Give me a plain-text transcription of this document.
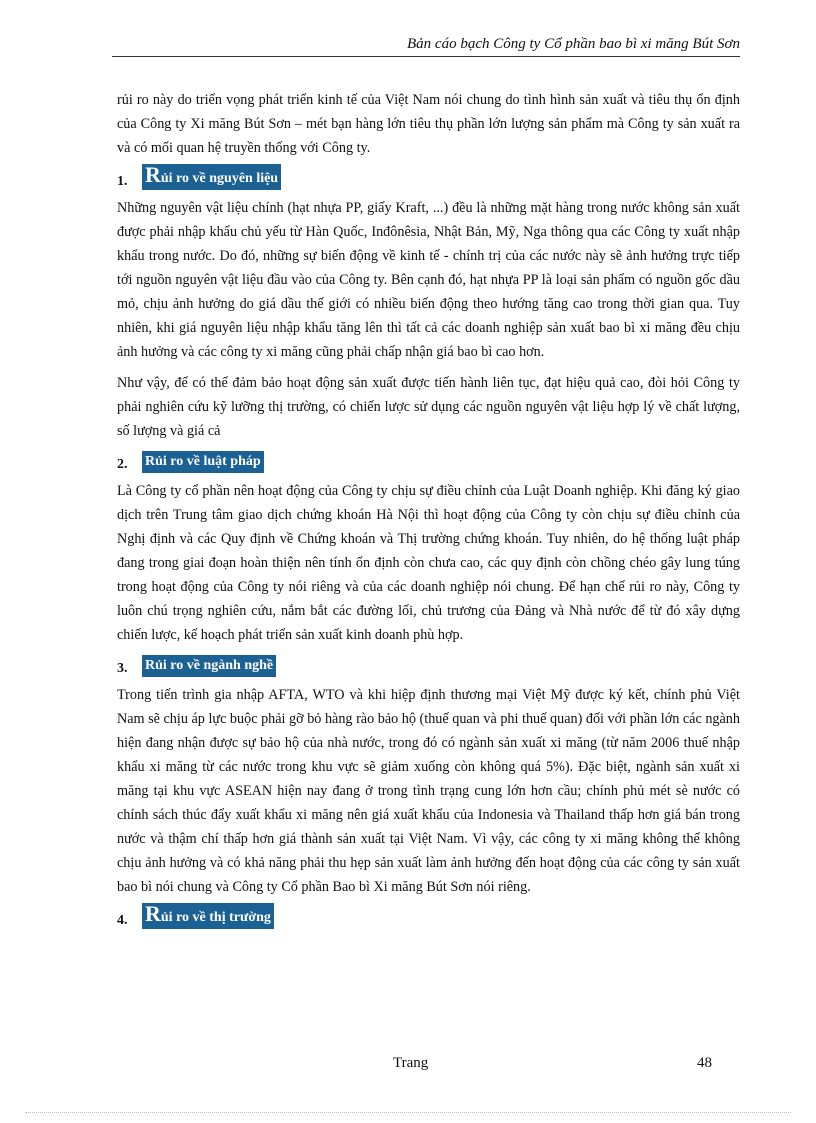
Bản cáo bạch Công ty Cổ phần bao bì xi măng Bút Sơn

rủi ro này do triển vọng phát triển kinh tế của Việt Nam nói chung do tình hình sản xuất và tiêu thụ ổn định của Công ty Xi măng Bút Sơn – mét bạn hàng lớn tiêu thụ phần lớn lượng sản phẩm mà Công ty sản xuất ra và có mối quan hệ truyền thống với Công ty.

1.	Rủi ro về nguyên liệu

Những nguyên vật liệu chính (hạt nhựa PP, giấy Kraft, ...) đều là những mặt hàng trong nước không sản xuất được phải nhập khẩu chủ yếu từ Hàn Quốc, Inđônêsia, Nhật Bản, Mỹ, Nga thông qua các Công ty xuất nhập khẩu trong nước. Do đó, những sự biến động về kinh tế - chính trị của các nước này sẽ ảnh hưởng trực tiếp tới nguồn nguyên vật liệu đầu vào của Công ty. Bên cạnh đó, hạt nhựa PP là loại sản phẩm có nguồn gốc dầu mỏ, chịu ảnh hưởng do giá dầu thế giới có nhiều biến động theo hướng tăng cao trong thời gian qua. Tuy nhiên, khi giá nguyên liệu nhập khẩu tăng lên thì tất cả các doanh nghiệp sản xuất bao bì xi măng đều chịu ảnh hưởng và các công ty xi măng cũng phải chấp nhận giá bao bì cao hơn.

Như vậy, để có thể đảm bảo hoạt động sản xuất được tiến hành liên tục, đạt hiệu quả cao, đòi hỏi Công ty phải nghiên cứu kỹ lưỡng thị trường, có chiến lược sử dụng các nguồn nguyên vật liệu hợp lý về chất lượng, số lượng và giá cả

2.	Rủi ro về luật pháp

Là Công ty cổ phần nên hoạt động của Công ty chịu sự điều chỉnh của Luật Doanh nghiệp. Khi đăng ký giao dịch trên Trung tâm giao dịch chứng khoán Hà Nội thì hoạt động của Công ty còn chịu sự điều chỉnh của Nghị định và các Quy định về Chứng khoán và Thị trường chứng khoán. Tuy nhiên, do hệ thống luật pháp đang trong giai đoạn hoàn thiện nên tính ổn định còn chưa cao, các quy định còn chồng chéo gây lung túng trong hoạt động của Công ty nói riêng và của các doanh nghiệp nói chung. Để hạn chế rủi ro này, Công ty luôn chú trọng nghiên cứu, nắm bắt các đường lối, chủ trương của Đảng và Nhà nước để từ đó xây dựng chiến lược, kế hoạch phát triển sản xuất kinh doanh phù hợp.

3.	Rủi ro về ngành nghề

Trong tiến trình gia nhập AFTA, WTO và khi hiệp định thương mại Việt Mỹ được ký kết, chính phủ Việt Nam sẽ chịu áp lực buộc phải gỡ bỏ hàng rào bảo hộ (thuế quan và phi thuế quan) đối với phần lớn các ngành hiện đang nhận được sự bảo hộ của nhà nước, trong đó có ngành sản xuất xi măng (từ năm 2006 thuế nhập khẩu xi măng từ các nước trong khu vực sẽ giảm xuống còn không quá 5%). Đặc biệt, ngành sản xuất xi măng tại khu vực ASEAN hiện nay đang ở trong tình trạng cung lớn hơn cầu; chính phủ mét sè nước có chính sách thúc đẩy xuất khẩu xi măng nên giá xuất khẩu của Indonesia và Thailand thấp hơn giá bán trong nước và thậm chí thấp hơn giá thành sản xuất tại Việt Nam. Vì vậy, các công ty xi măng không thể không chịu ảnh hưởng và có khả năng phải thu hẹp sản xuất làm ảnh hưởng đến hoạt động của các công ty sản xuất bao bì nói chung và Công ty Cổ phần Bao bì Xi măng Bút Sơn nói riêng.

4.	Rủi ro về thị trường
Trang	48
